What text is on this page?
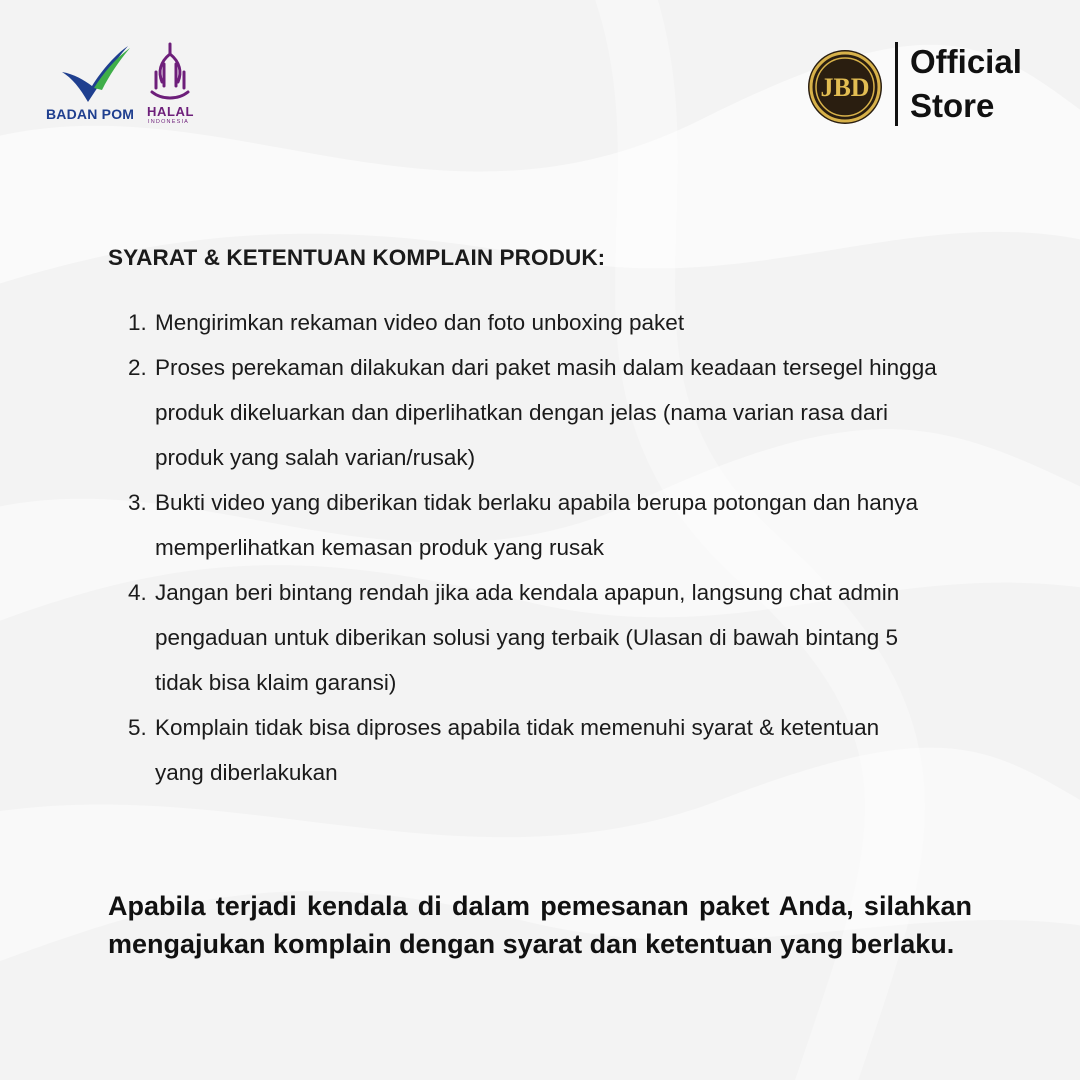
BADAN POM HALAL
INDONESIA
JBD
Official
Store
SYARAT & KETENTUAN KOMPLAIN PRODUK:
1. Mengirimkan rekaman video dan foto unboxing paket
2. Proses perekaman dilakukan dari paket masih dalam keadaan tersegel hingga produk dikeluarkan dan diperlihatkan dengan jelas (nama varian rasa dari produk yang salah varian/rusak)
3. Bukti video yang diberikan tidak berlaku apabila berupa potongan dan hanya memperlihatkan kemasan produk yang rusak
4. Jangan beri bintang rendah jika ada kendala apapun, langsung chat admin pengaduan untuk diberikan solusi yang terbaik (Ulasan di bawah bintang 5 tidak bisa klaim garansi)
5. Komplain tidak bisa diproses apabila tidak memenuhi syarat & ketentuan yang diberlakukan

Apabila terjadi kendala di dalam pemesanan paket Anda, silahkan mengajukan komplain dengan syarat dan ketentuan yang berlaku.
